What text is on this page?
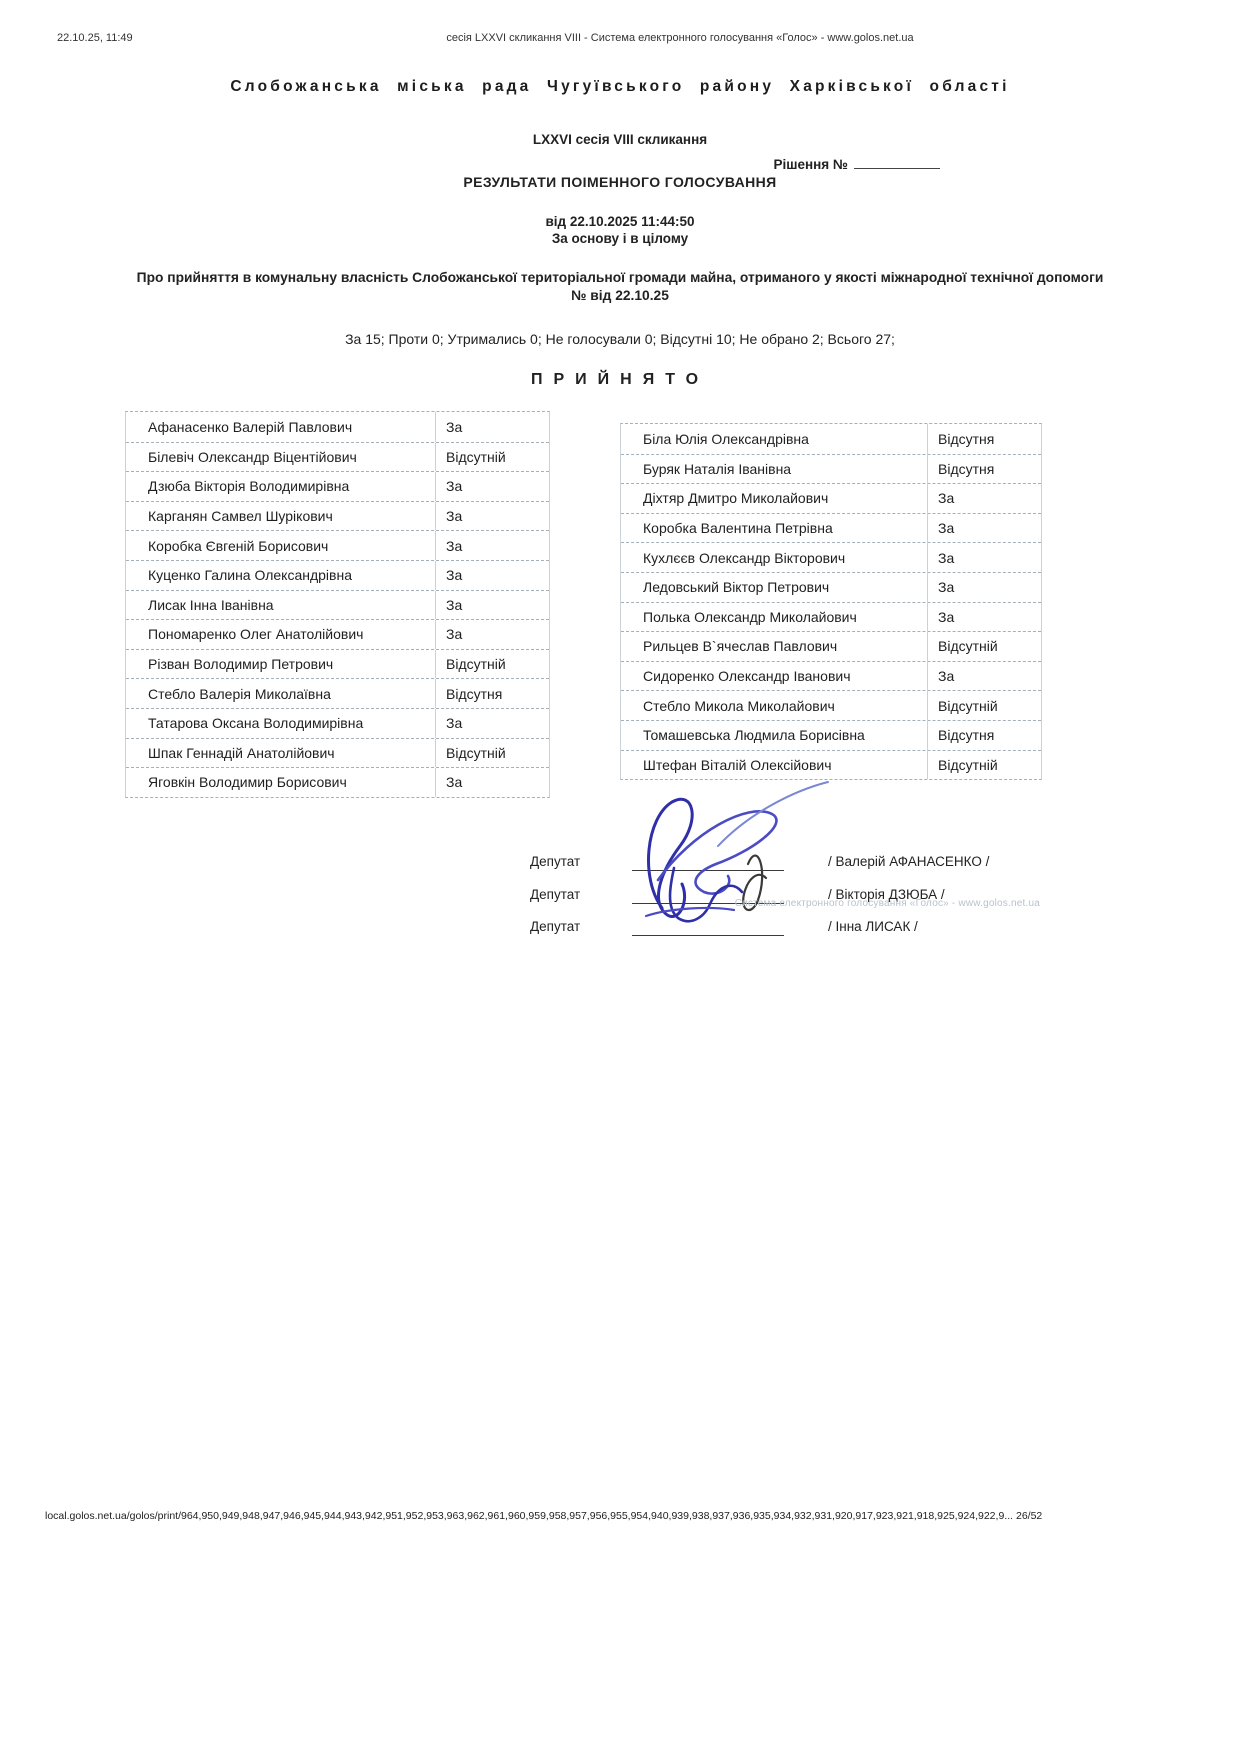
22.10.25, 11:49	сесія LXXVI скликання VIII - Система електронного голосування «Голос» - www.golos.net.ua
Слобожанська міська рада Чугуївського району Харківської області
LXXVI сесія VIII скликання
Рішення №
РЕЗУЛЬТАТИ ПОІМЕННОГО ГОЛОСУВАННЯ
від 22.10.2025 11:44:50
За основу і в цілому
Про прийняття в комунальну власність Слобожанської територіальної громади майна, отриманого у якості міжнародної технічної допомоги
№ від 22.10.25
За 15; Проти 0; Утримались 0; Не голосували 0; Відсутні 10; Не обрано 2; Всього 27;
ПРИЙНЯТО
Афанасенко Валерій Павлович	За
Білевіч Олександр Віцентійович	Відсутній
Дзюба Вікторія Володимирівна	За
Карганян Самвел Шурікович	За
Коробка Євгеній Борисович	За
Куценко Галина Олександрівна	За
Лисак Інна Іванівна	За
Пономаренко Олег Анатолійович	За
Різван Володимир Петрович	Відсутній
Стебло Валерія Миколаївна	Відсутня
Татарова Оксана Володимирівна	За
Шпак Геннадій Анатолійович	Відсутній
Яговкін Володимир Борисович	За
Біла Юлія Олександрівна	Відсутня
Буряк Наталія Іванівна	Відсутня
Діхтяр Дмитро Миколайович	За
Коробка Валентина Петрівна	За
Кухлєєв Олександр Вікторович	За
Ледовський Віктор Петрович	За
Полька Олександр Миколайович	За
Рильцев В`ячеслав Павлович	Відсутній
Сидоренко Олександр Іванович	За
Стебло Микола Миколайович	Відсутній
Томашевська Людмила Борисівна	Відсутня
Штефан Віталій Олексійович	Відсутній
Депутат	/ Валерій АФАНАСЕНКО /
Депутат	/ Вікторія ДЗЮБА /
Депутат	/ Інна ЛИСАК /
Система електронного голосування «Голос» - www.golos.net.ua
local.golos.net.ua/golos/print/964,950,949,948,947,946,945,944,943,942,951,952,953,963,962,961,960,959,958,957,956,955,954,940,939,938,937,936,935,934,932,931,920,917,923,921,918,925,924,922,9... 26/52
